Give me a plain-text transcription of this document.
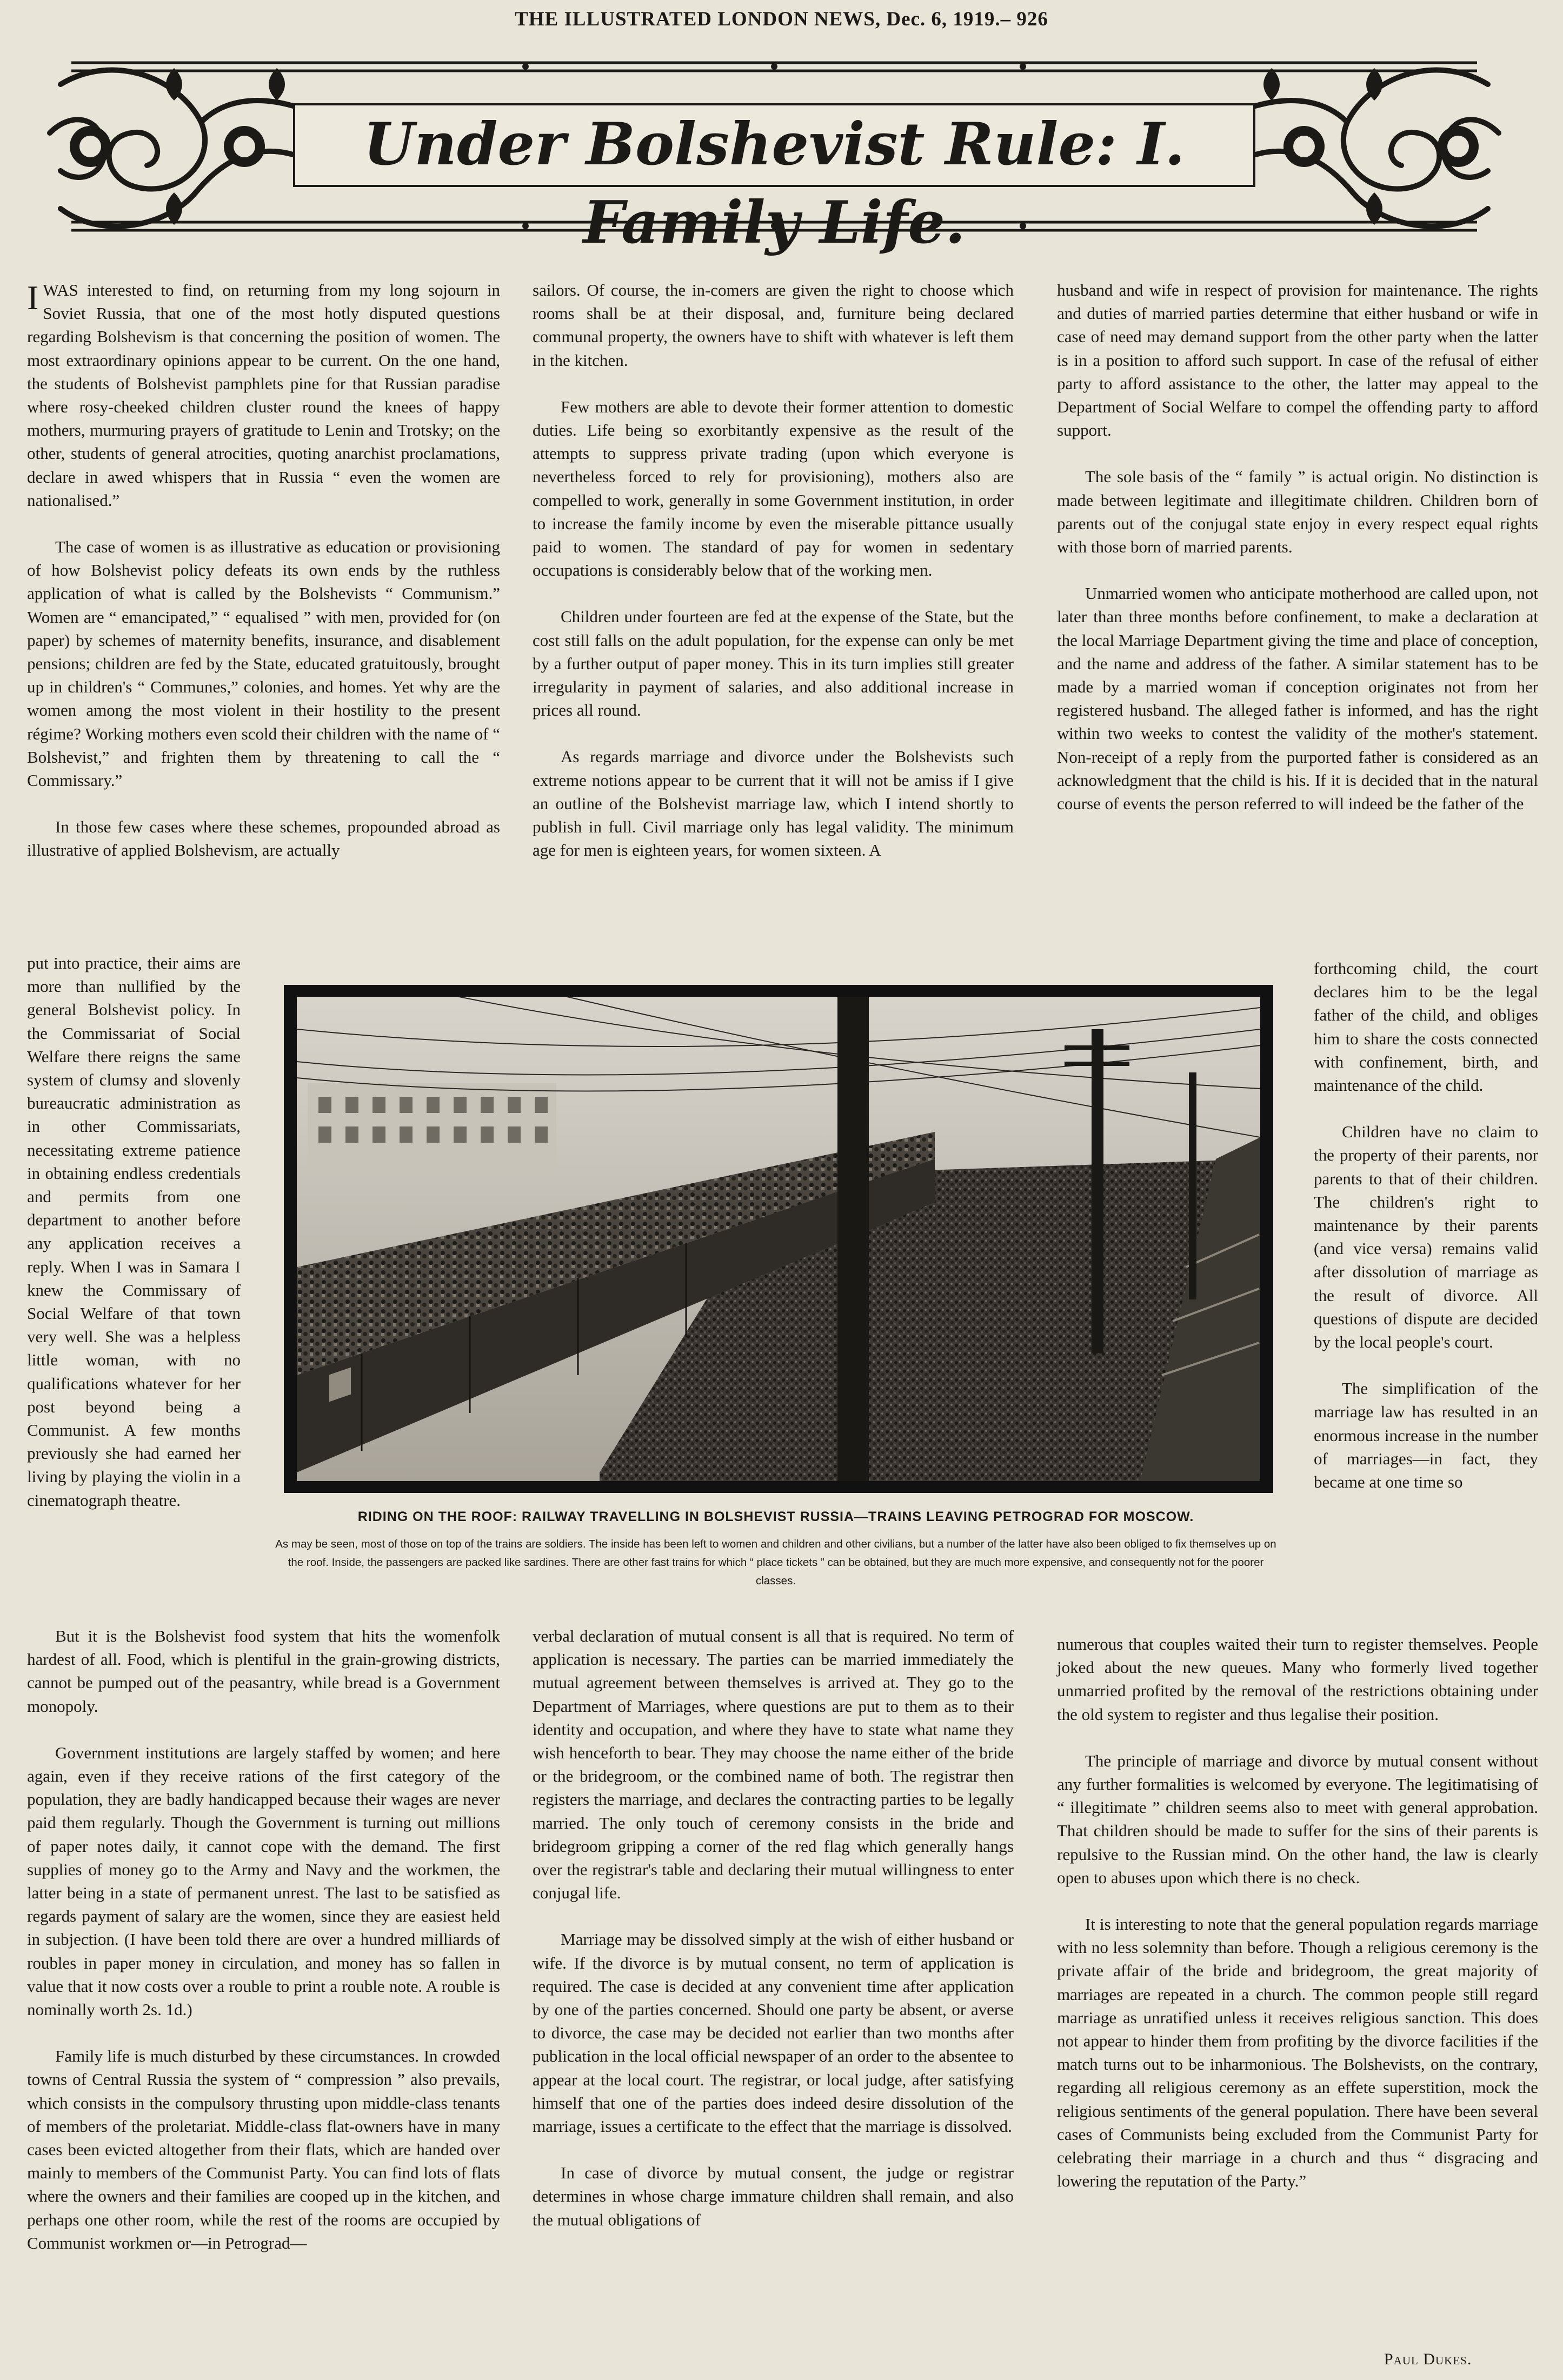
THE ILLUSTRATED LONDON NEWS, Dec. 6, 1919.– 926
Under Bolshevist Rule: I. Family Life.

IWAS interested to find, on returning from my long sojourn in Soviet Russia, that one of the most hotly disputed questions regarding Bolshevism is that concerning the position of women. The most extraordinary opinions appear to be current. On the one hand, the students of Bolshevist pamphlets pine for that Russian paradise where rosy-cheeked children cluster round the knees of happy mothers, murmuring prayers of gratitude to Lenin and Trotsky; on the other, students of general atrocities, quoting anarchist proclamations, declare in awed whispers that in Russia “ even the women are nationalised.”

The case of women is as illustrative as education or provisioning of how Bolshevist policy defeats its own ends by the ruthless application of what is called by the Bolshevists “ Communism.” Women are “ emancipated,” “ equalised ” with men, provided for (on paper) by schemes of maternity benefits, insurance, and disablement pensions; children are fed by the State, educated gratuitously, brought up in children's “ Communes,” colonies, and homes. Yet why are the women among the most violent in their hostility to the present régime? Working mothers even scold their children with the name of “ Bolshevist,” and frighten them by threatening to call the “ Commissary.”

In those few cases where these schemes, propounded abroad as illustrative of applied Bolshevism, are actually

put into practice, their aims are more than nullified by the general Bolshevist policy. In the Commissariat of Social Welfare there reigns the same system of clumsy and slovenly bureaucratic administration as in other Commissariats, necessitating extreme patience in obtaining endless credentials and permits from one department to another before any application receives a reply. When I was in Samara I knew the Commissary of Social Welfare of that town very well. She was a helpless little woman, with no qualifications whatever for her post beyond being a Communist. A few months previously she had earned her living by playing the violin in a cinematograph theatre.

But it is the Bolshevist food system that hits the womenfolk hardest of all. Food, which is plentiful in the grain-growing districts, cannot be pumped out of the peasantry, while bread is a Government monopoly.

Government institutions are largely staffed by women; and here again, even if they receive rations of the first category of the population, they are badly handicapped because their wages are never paid them regularly. Though the Government is turning out millions of paper notes daily, it cannot cope with the demand. The first supplies of money go to the Army and Navy and the workmen, the latter being in a state of permanent unrest. The last to be satisfied as regards payment of salary are the women, since they are easiest held in subjection. (I have been told there are over a hundred milliards of roubles in paper money in circulation, and money has so fallen in value that it now costs over a rouble to print a rouble note. A rouble is nominally worth 2s. 1d.)

Family life is much disturbed by these circumstances. In crowded towns of Central Russia the system of “ compression ” also prevails, which consists in the compulsory thrusting upon middle-class tenants of members of the proletariat. Middle-class flat-owners have in many cases been evicted altogether from their flats, which are handed over mainly to members of the Communist Party. You can find lots of flats where the owners and their families are cooped up in the kitchen, and perhaps one other room, while the rest of the rooms are occupied by Communist workmen or—in Petrograd—

sailors. Of course, the in-comers are given the right to choose which rooms shall be at their disposal, and, furniture being declared communal property, the owners have to shift with whatever is left them in the kitchen.

Few mothers are able to devote their former attention to domestic duties. Life being so exorbitantly expensive as the result of the attempts to suppress private trading (upon which everyone is nevertheless forced to rely for provisioning), mothers also are compelled to work, generally in some Government institution, in order to increase the family income by even the miserable pittance usually paid to women. The standard of pay for women in sedentary occupations is considerably below that of the working men.

Children under fourteen are fed at the expense of the State, but the cost still falls on the adult population, for the expense can only be met by a further output of paper money. This in its turn implies still greater irregularity in payment of salaries, and also additional increase in prices all round.

As regards marriage and divorce under the Bolshevists such extreme notions appear to be current that it will not be amiss if I give an outline of the Bolshevist marriage law, which I intend shortly to publish in full. Civil marriage only has legal validity. The minimum age for men is eighteen years, for women sixteen. A

verbal declaration of mutual consent is all that is required. No term of application is necessary. The parties can be married immediately the mutual agreement between themselves is arrived at. They go to the Department of Marriages, where questions are put to them as to their identity and occupation, and where they have to state what name they wish henceforth to bear. They may choose the name either of the bride or the bridegroom, or the combined name of both. The registrar then registers the marriage, and declares the contracting parties to be legally married. The only touch of ceremony consists in the bride and bridegroom gripping a corner of the red flag which generally hangs over the registrar's table and declaring their mutual willingness to enter conjugal life.

Marriage may be dissolved simply at the wish of either husband or wife. If the divorce is by mutual consent, no term of application is required. The case is decided at any convenient time after application by one of the parties concerned. Should one party be absent, or averse to divorce, the case may be decided not earlier than two months after publication in the local official newspaper of an order to the absentee to appear at the local court. The registrar, or local judge, after satisfying himself that one of the parties does indeed desire dissolution of the marriage, issues a certificate to the effect that the marriage is dissolved.

In case of divorce by mutual consent, the judge or registrar determines in whose charge immature children shall remain, and also the mutual obligations of

husband and wife in respect of provision for maintenance. The rights and duties of married parties determine that either husband or wife in case of need may demand support from the other party when the latter is in a position to afford such support. In case of the refusal of either party to afford assistance to the other, the latter may appeal to the Department of Social Welfare to compel the offending party to afford support.

The sole basis of the “ family ” is actual origin. No distinction is made between legitimate and illegitimate children. Children born of parents out of the conjugal state enjoy in every respect equal rights with those born of married parents.

Unmarried women who anticipate motherhood are called upon, not later than three months before confinement, to make a declaration at the local Marriage Department giving the time and place of conception, and the name and address of the father. A similar statement has to be made by a married woman if conception originates not from her registered husband. The alleged father is informed, and has the right within two weeks to contest the validity of the mother's statement. Non-receipt of a reply from the purported father is considered as an acknowledgment that the child is his. If it is decided that in the natural course of events the person referred to will indeed be the father of the

forthcoming child, the court declares him to be the legal father of the child, and obliges him to share the costs connected with confinement, birth, and maintenance of the child.

Children have no claim to the property of their parents, nor parents to that of their children. The children's right to maintenance by their parents (and vice versa) remains valid after dissolution of marriage as the result of divorce. All questions of dispute are decided by the local people's court.

The simplification of the marriage law has resulted in an enormous increase in the number of marriages—in fact, they became at one time so

numerous that couples waited their turn to register themselves. People joked about the new queues. Many who formerly lived together unmarried profited by the removal of the restrictions obtaining under the old system to register and thus legalise their position.

The principle of marriage and divorce by mutual consent without any further formalities is welcomed by everyone. The legitimatising of “ illegitimate ” children seems also to meet with general approbation. That children should be made to suffer for the sins of their parents is repulsive to the Russian mind. On the other hand, the law is clearly open to abuses upon which there is no check.

It is interesting to note that the general population regards marriage with no less solemnity than before. Though a religious ceremony is the private affair of the bride and bridegroom, the great majority of marriages are repeated in a church. The common people still regard marriage as unratified unless it receives religious sanction. This does not appear to hinder them from profiting by the divorce facilities if the match turns out to be inharmonious. The Bolshevists, on the contrary, regarding all religious ceremony as an effete superstition, mock the religious sentiments of the general population. There have been several cases of Communists being excluded from the Communist Party for celebrating their marriage in a church and thus “ disgracing and lowering the reputation of the Party.”

RIDING ON THE ROOF: RAILWAY TRAVELLING IN BOLSHEVIST RUSSIA—TRAINS LEAVING PETROGRAD FOR MOSCOW.
As may be seen, most of those on top of the trains are soldiers. The inside has been left to women and children and other civilians, but a number of the latter have also been obliged to fix themselves up on the roof. Inside, the passengers are packed like sardines. There are other fast trains for which “ place tickets ” can be obtained, but they are much more expensive, and consequently not for the poorer classes.
Paul Dukes.
